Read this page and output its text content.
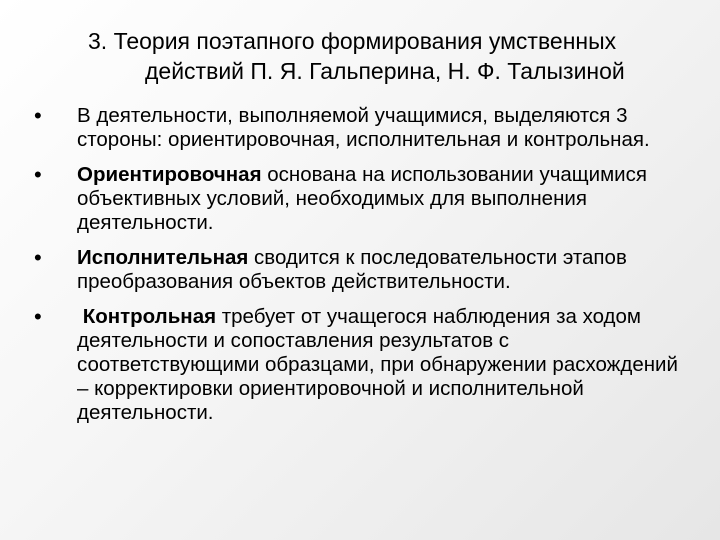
3. Теория поэтапного формирования умственных
действий П. Я. Гальперина, Н. Ф. Талызиной
•	В деятельности, выполняемой учащимися, выделяются 3 стороны: ориентировочная, исполнительная и контрольная.
•	Ориентировочная основана на использовании учащимися объективных условий, необходимых для выполнения деятельности.
•	Исполнительная сводится к последовательности этапов преобразования объектов действительности.
•	Контрольная требует от учащегося наблюдения за ходом деятельности и сопоставления результатов с соответствующими образцами, при обнаружении расхождений – корректировки ориентировочной и исполнительной деятельности.
